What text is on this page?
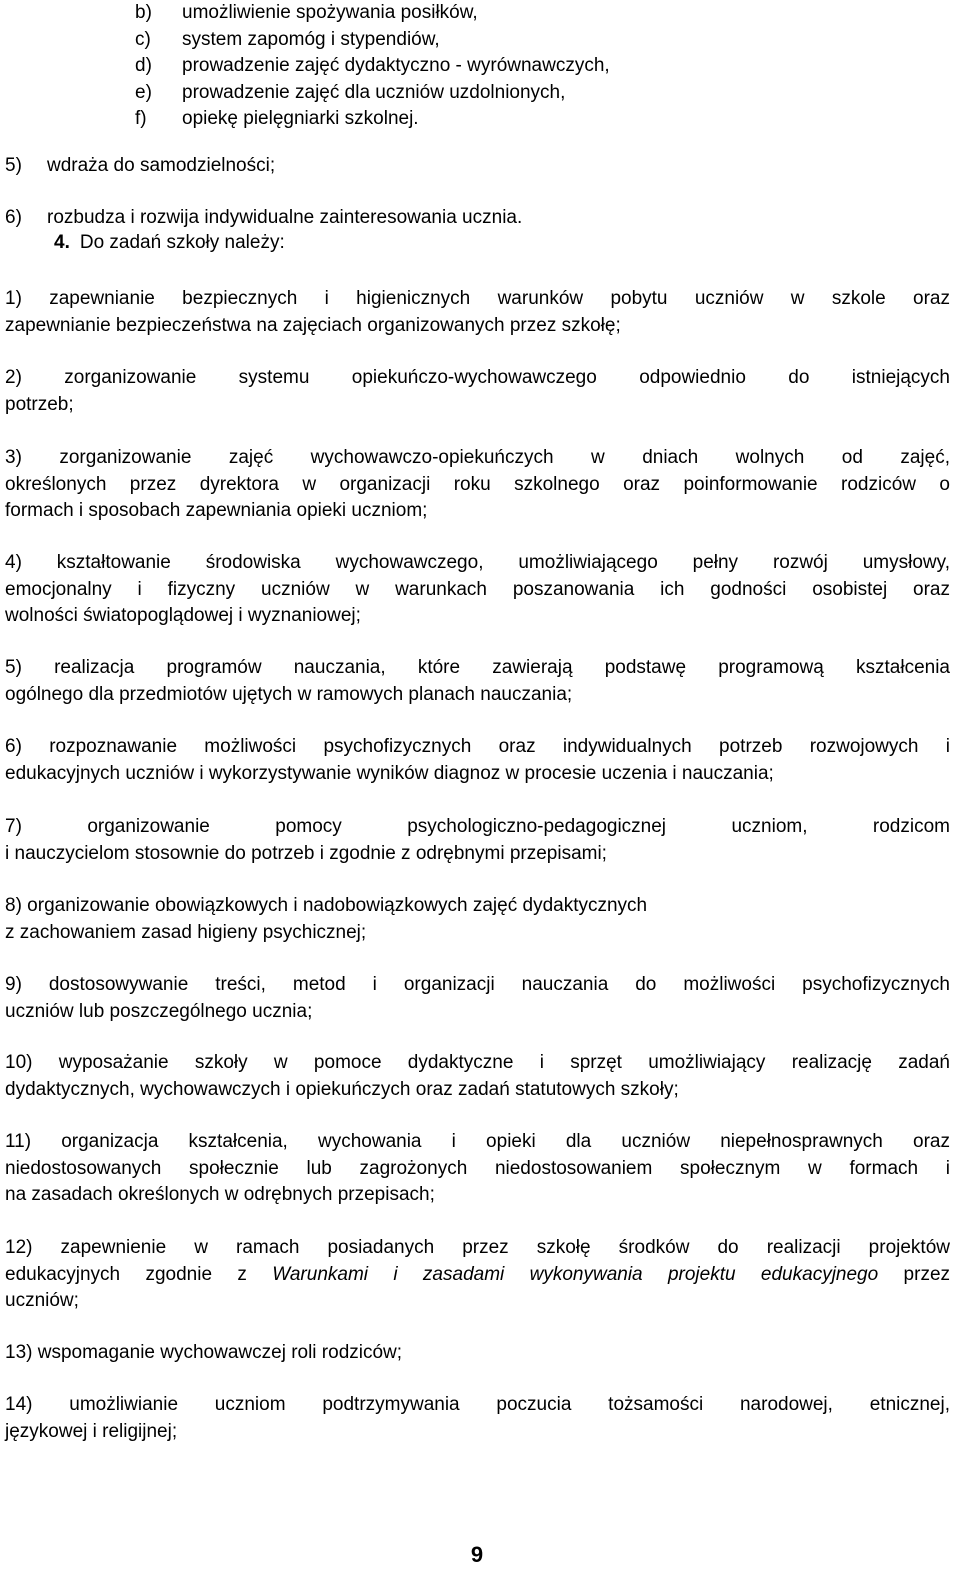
b) umożliwienie spożywania posiłków,
c) system zapomóg i stypendiów,
d) prowadzenie zajęć dydaktyczno - wyrównawczych,
e) prowadzenie zajęć dla uczniów uzdolnionych,
f) opiekę pielęgniarki szkolnej.
5) wdraża do samodzielności;
6) rozbudza i rozwija indywidualne zainteresowania ucznia.
4. Do zadań szkoły należy:
1) zapewnianie bezpiecznych i higienicznych warunków pobytu uczniów w szkole oraz
zapewnianie bezpieczeństwa na zajęciach organizowanych przez szkołę;
2) zorganizowanie systemu opiekuńczo-wychowawczego odpowiednio do istniejących
potrzeb;
3) zorganizowanie zajęć wychowawczo-opiekuńczych w dniach wolnych od zajęć,
określonych przez dyrektora w organizacji roku szkolnego oraz poinformowanie rodziców o
formach i sposobach zapewniania opieki uczniom;
4) kształtowanie środowiska wychowawczego, umożliwiającego pełny rozwój umysłowy,
emocjonalny i fizyczny uczniów w warunkach poszanowania ich godności osobistej oraz
wolności światopoglądowej i wyznaniowej;
5) realizacja programów nauczania, które zawierają podstawę programową kształcenia
ogólnego dla przedmiotów ujętych w ramowych planach nauczania;
6) rozpoznawanie możliwości psychofizycznych oraz indywidualnych potrzeb rozwojowych i
edukacyjnych uczniów i wykorzystywanie wyników diagnoz w procesie uczenia i nauczania;
7) organizowanie pomocy psychologiczno-pedagogicznej uczniom, rodzicom
i nauczycielom stosownie do potrzeb i zgodnie z odrębnymi przepisami;
8) organizowanie obowiązkowych i nadobowiązkowych zajęć dydaktycznych
z zachowaniem zasad higieny psychicznej;
9) dostosowywanie treści, metod i organizacji nauczania do możliwości psychofizycznych
uczniów lub poszczególnego ucznia;
10) wyposażanie szkoły w pomoce dydaktyczne i sprzęt umożliwiający realizację zadań
dydaktycznych, wychowawczych i opiekuńczych oraz zadań statutowych szkoły;
11) organizacja kształcenia, wychowania i opieki dla uczniów niepełnosprawnych oraz
niedostosowanych społecznie lub zagrożonych niedostosowaniem społecznym w formach i
na zasadach określonych w odrębnych przepisach;
12) zapewnienie w ramach posiadanych przez szkołę środków do realizacji projektów
edukacyjnych zgodnie z Warunkami i zasadami wykonywania projektu edukacyjnego przez
uczniów;
13) wspomaganie wychowawczej roli rodziców;
14) umożliwianie uczniom podtrzymywania poczucia tożsamości narodowej, etnicznej,
językowej i religijnej;
9
